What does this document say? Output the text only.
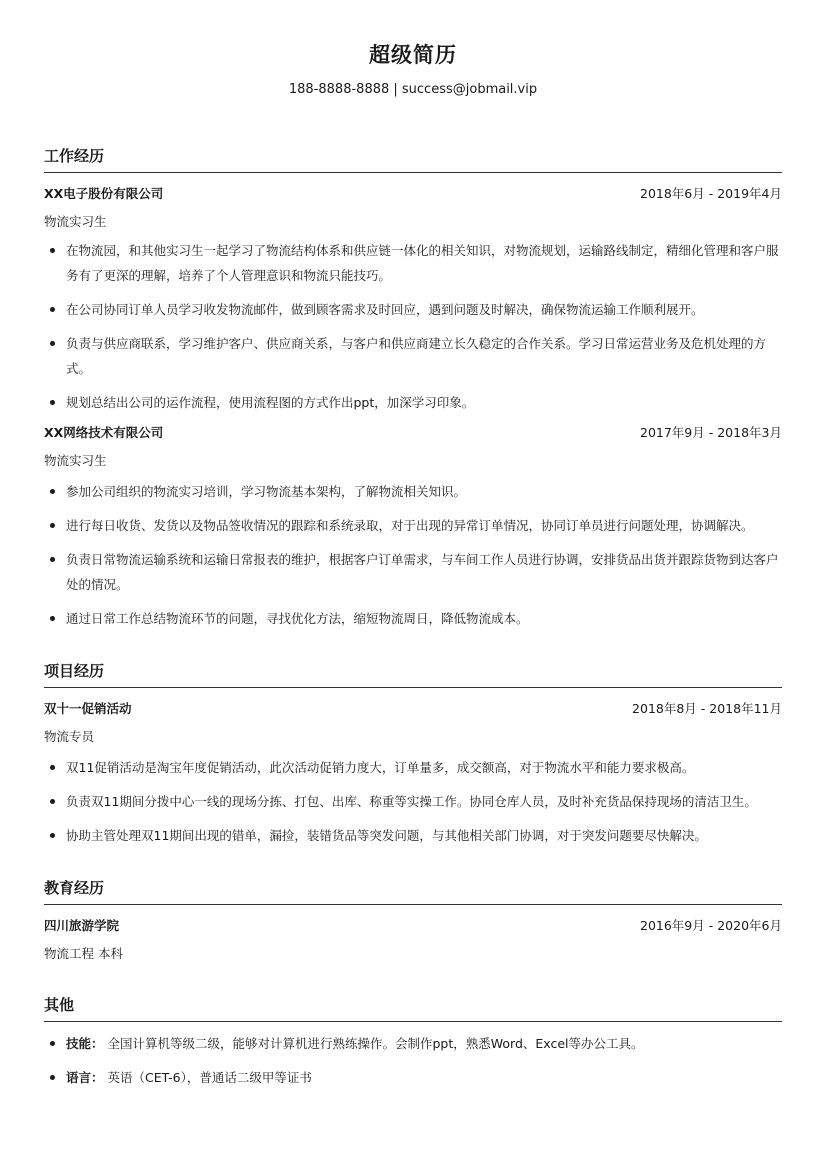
超级简历
188-8888-8888 | success@jobmail.vip
工作经历
XX电子股份有限公司	2018年6月 - 2019年4月
物流实习生
在物流园，和其他实习生一起学习了物流结构体系和供应链一体化的相关知识，对物流规划，运输路线制定，精细化管理和客户服务有了更深的理解，培养了个人管理意识和物流只能技巧。
在公司协同订单人员学习收发物流邮件，做到顾客需求及时回应，遇到问题及时解决，确保物流运输工作顺利展开。
负责与供应商联系，学习维护客户、供应商关系，与客户和供应商建立长久稳定的合作关系。学习日常运营业务及危机处理的方式。
规划总结出公司的运作流程，使用流程图的方式作出ppt，加深学习印象。
XX网络技术有限公司	2017年9月 - 2018年3月
物流实习生
参加公司组织的物流实习培训，学习物流基本架构，了解物流相关知识。
进行每日收货、发货以及物品签收情况的跟踪和系统录取，对于出现的异常订单情况，协同订单员进行问题处理，协调解决。
负责日常物流运输系统和运输日常报表的维护，根据客户订单需求，与车间工作人员进行协调，安排货品出货并跟踪货物到达客户处的情况。
通过日常工作总结物流环节的问题，寻找优化方法，缩短物流周日，降低物流成本。
项目经历
双十一促销活动	2018年8月 - 2018年11月
物流专员
双11促销活动是淘宝年度促销活动，此次活动促销力度大，订单量多，成交额高，对于物流水平和能力要求极高。
负责双11期间分拨中心一线的现场分拣、打包、出库、称重等实操工作。协同仓库人员，及时补充货品保持现场的清洁卫生。
协助主管处理双11期间出现的错单，漏捡，装错货品等突发问题，与其他相关部门协调，对于突发问题要尽快解决。
教育经历
四川旅游学院	2016年9月 - 2020年6月
物流工程 本科
其他
技能： 全国计算机等级二级，能够对计算机进行熟练操作。会制作ppt，熟悉Word、Excel等办公工具。
语言： 英语（CET-6），普通话二级甲等证书
